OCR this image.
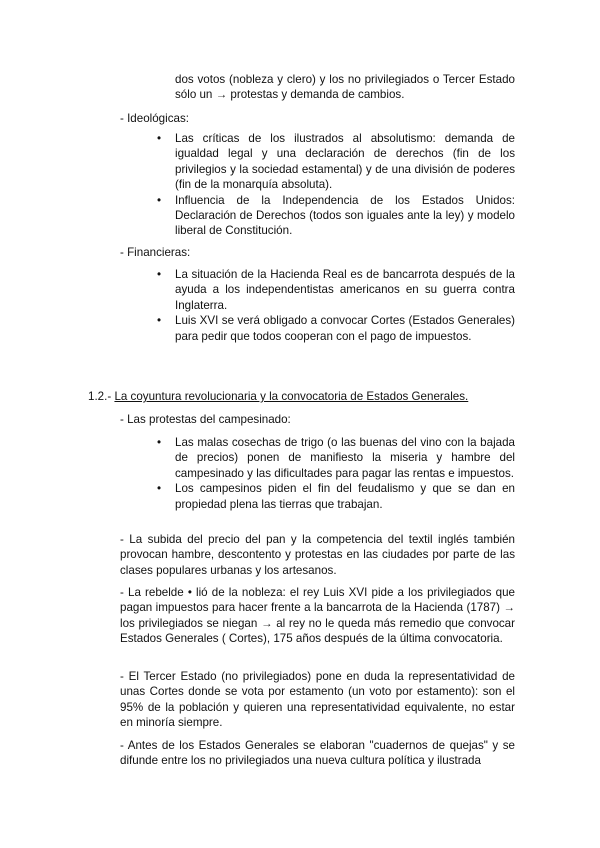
dos votos (nobleza y clero) y los no privilegiados o Tercer Estado sólo un → protestas y demanda de cambios.

- Ideológicas:

• Las críticas de los ilustrados al absolutismo: demanda de igualdad legal y una declaración de derechos (fin de los privilegios y la sociedad estamental) y de una división de poderes (fin de la monarquía absoluta).

• Influencia de la Independencia de los Estados Unidos: Declaración de Derechos (todos son iguales ante la ley) y modelo liberal de Constitución.

- Financieras:

• La situación de la Hacienda Real es de bancarrota después de la ayuda a los independentistas americanos en su guerra contra Inglaterra.

• Luis XVI se verá obligado a convocar Cortes (Estados Generales) para pedir que todos cooperan con el pago de impuestos.

1.2.- La coyuntura revolucionaria y la convocatoria de Estados Generales.

- Las protestas del campesinado:

• Las malas cosechas de trigo (o las buenas del vino con la bajada de precios) ponen de manifiesto la miseria y hambre del campesinado y las dificultades para pagar las rentas e impuestos.

• Los campesinos piden el fin del feudalismo y que se dan en propiedad plena las tierras que trabajan.

- La subida del precio del pan y la competencia del textil inglés también provocan hambre, descontento y protestas en las ciudades por parte de las clases populares urbanas y los artesanos.

- La rebelde • lió de la nobleza: el rey Luis XVI pide a los privilegiados que pagan impuestos para hacer frente a la bancarrota de la Hacienda (1787) → los privilegiados se niegan → al rey no le queda más remedio que convocar Estados Generales ( Cortes), 175 años después de la última convocatoria.

- El Tercer Estado (no privilegiados) pone en duda la representatividad de unas Cortes donde se vota por estamento (un voto por estamento): son el 95% de la población y quieren una representatividad equivalente, no estar en minoría siempre.

- Antes de los Estados Generales se elaboran "cuadernos de quejas" y se difunde entre los no privilegiados una nueva cultura política y ilustrada
